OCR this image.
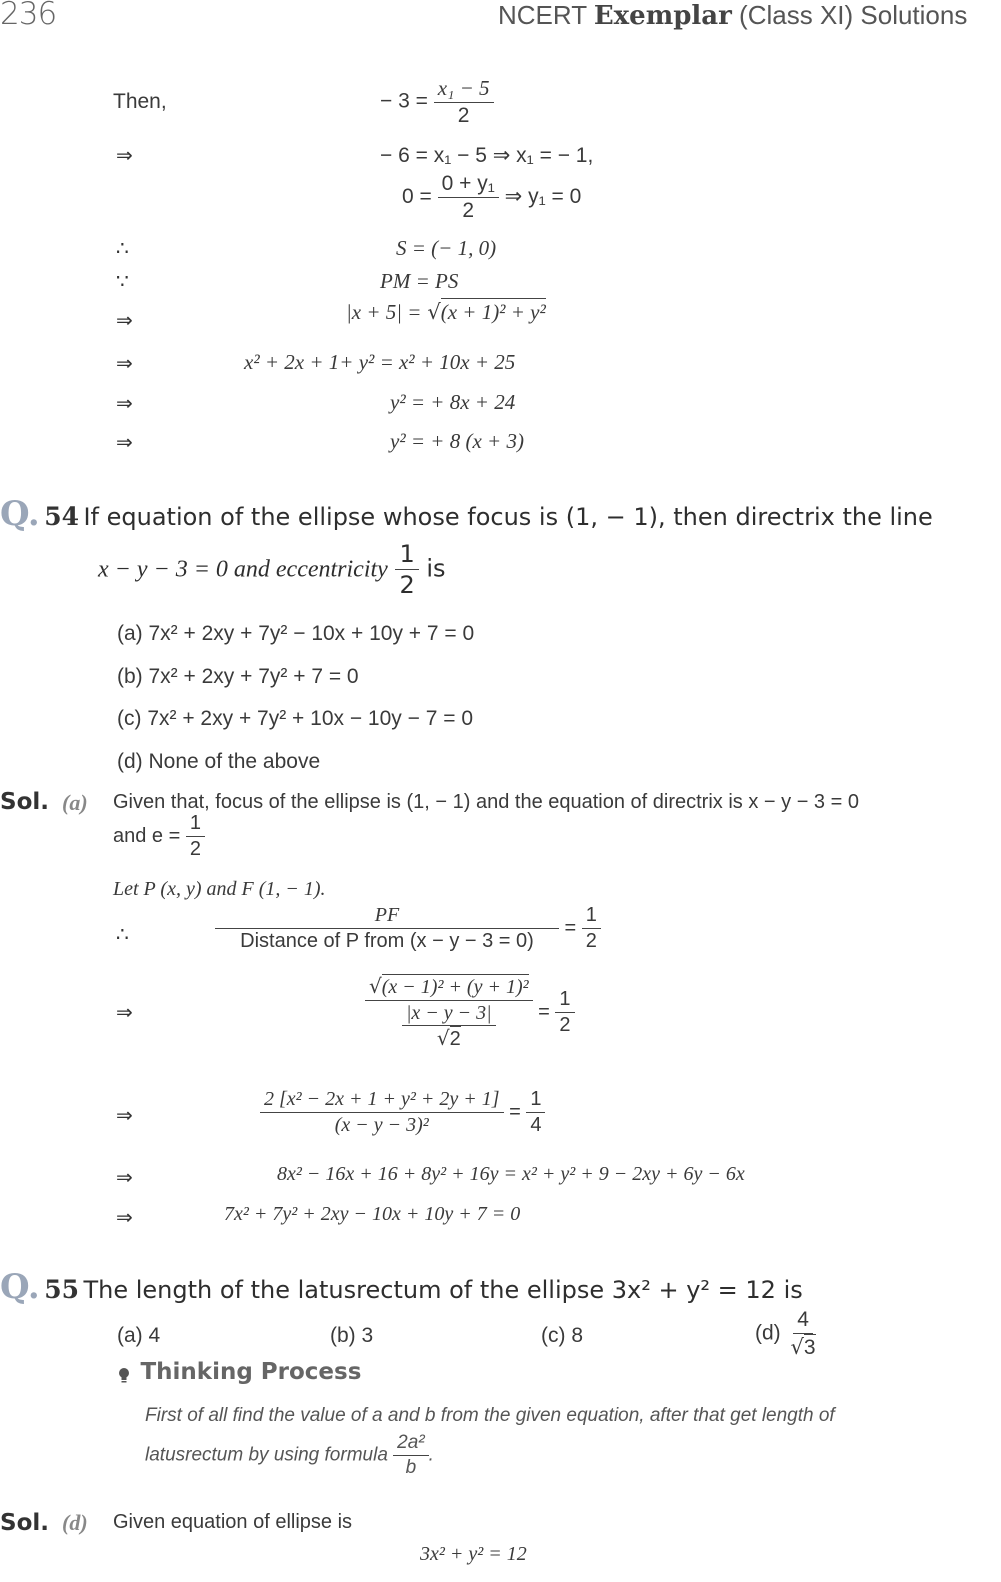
236	NCERT Exemplar (Class XI) Solutions
Then,	− $3 = \frac{\text{x₁ − 5}}{2}$
⇒	− 6 = x₁ − 5 ⇒ x₁ = − 1,
$0 = \frac{\text{0 + y₁}}{2}$ ⇒ y₁ = 0
∴	S = (− 1, 0)
∵	PM = PS
⇒	|x + 5| = √(x + 1)² + y²
⇒	x² + 2x + 1+ y² = x² + 10x + 25
⇒	y² = + 8x + 24
⇒	y² = + 8 (x + 3)
Q. 54 If equation of the ellipse whose focus is (1, − 1), then directrix the line
x − y − 3 = 0 and eccentricity $\frac{1}{2}$ is
(a) 7x² + 2xy + 7y² − 10x + 10y + 7 = 0
(b) 7x² + 2xy + 7y² + 7 = 0
(c) 7x² + 2xy + 7y² + 10x − 10y − 7 = 0
(d) None of the above
Sol. (a) Given that, focus of the ellipse is (1, − 1) and the equation of directrix is x − y − 3 = 0
and $e = \frac{1}{2}$
Let P (x, y) and F (1, − 1).
∴	$\frac{PF}{\text{Distance of P from (x − y − 3 = 0)}} = \frac{1}{2}$
⇒	√(x − 1)² + (y + 1)²
|x − y − 3|
$√2 = \frac{1}{2}$
⇒	$\frac{\text{2 [x² − 2x + 1 + y² + 2y + 1]}}{\text{(x − y − 3)²}} = \frac{1}{4}$
⇒	8x² − 16x + 16 + 8y² + 16y = x² + y² + 9 − 2xy + 6y − 6x
⇒	7x² + 7y² + 2xy − 10x + 10y + 7 = 0
Q. 55 The length of the latusrectum of the ellipse 3x² + y² = 12 is
(a) 4	(b) 3	(c) 8	$(d) \frac{4}{√3}$
Thinking Process
First of all find the value of a and b from the given equation, after that get length of
latusrectum by using formula $\frac{\text{2a²}}{b}$ .
Sol. (d) Given equation of ellipse is
3x² + y² = 12
